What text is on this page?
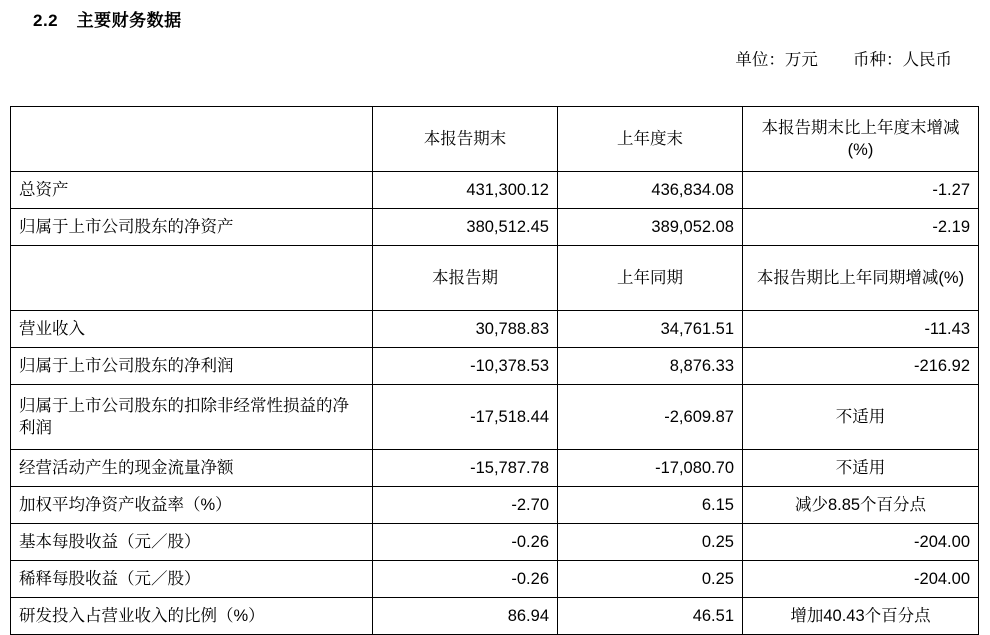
2.2 主要财务数据
单位：万元 币种：人民币
	本报告期末	上年度末	本报告期末比上年度末增减(%)
总资产	431,300.12	436,834.08	-1.27
归属于上市公司股东的净资产	380,512.45	389,052.08	-2.19
	本报告期	上年同期	本报告期比上年同期增减(%)
营业收入	30,788.83	34,761.51	-11.43
归属于上市公司股东的净利润	-10,378.53	8,876.33	-216.92
归属于上市公司股东的扣除非经常性损益的净利润	-17,518.44	-2,609.87	不适用
经营活动产生的现金流量净额	-15,787.78	-17,080.70	不适用
加权平均净资产收益率（%）	-2.70	6.15	减少8.85个百分点
基本每股收益（元／股）	-0.26	0.25	-204.00
稀释每股收益（元／股）	-0.26	0.25	-204.00
研发投入占营业收入的比例（%）	86.94	46.51	增加40.43个百分点
